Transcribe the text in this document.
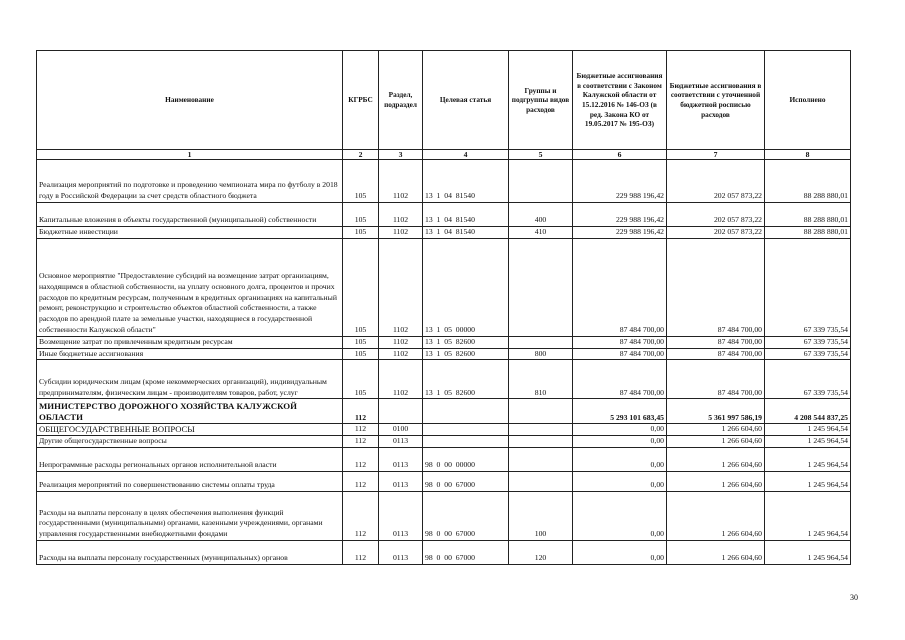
Наименование	КГРБС	Раздел, подраздел	Целевая статья	Группы и подгруппы видов расходов	Бюджетные ассигнования в соответствии с Законом Калужской области от 15.12.2016 № 146-ОЗ (в ред. Закона КО от 19.05.2017 № 195-ОЗ)	Бюджетные ассигнования в соответствии с уточненной бюджетной росписью расходов	Исполнено
1	2	3	4	5	6	7	8
Реализация мероприятий по подготовке и проведению чемпионата мира по футболу в 2018 году в Российской Федерации за счет средств областного бюджета	105	1102	13  1  04  81540		229 988 196,42	202 057 873,22	88 288 880,01
Капитальные вложения в объекты государственной (муниципальной) собственности	105	1102	13  1  04  81540	400	229 988 196,42	202 057 873,22	88 288 880,01
Бюджетные инвестиции	105	1102	13  1  04  81540	410	229 988 196,42	202 057 873,22	88 288 880,01
Основное мероприятие "Предоставление субсидий на возмещение затрат организациям, находящимся в областной собственности, на уплату основного долга, процентов и прочих расходов по кредитным ресурсам, полученным в кредитных организациях на капитальный ремонт, реконструкцию и строительство объектов областной собственности, а также расходов по арендной плате за земельные участки, находящиеся в государственной собственности Калужской области"	105	1102	13  1  05  00000		87 484 700,00	87 484 700,00	67 339 735,54
Возмещение затрат по привлеченным кредитным ресурсам	105	1102	13  1  05  82600		87 484 700,00	87 484 700,00	67 339 735,54
Иные бюджетные ассигнования	105	1102	13  1  05  82600	800	87 484 700,00	87 484 700,00	67 339 735,54
Субсидии юридическим лицам (кроме некоммерческих организаций), индивидуальным предпринимателям, физическим лицам - производителям товаров, работ, услуг	105	1102	13  1  05  82600	810	87 484 700,00	87 484 700,00	67 339 735,54
МИНИСТЕРСТВО ДОРОЖНОГО ХОЗЯЙСТВА КАЛУЖСКОЙ ОБЛАСТИ	112				5 293 101 683,45	5 361 997 586,19	4 208 544 837,25
ОБЩЕГОСУДАРСТВЕННЫЕ ВОПРОСЫ	112	0100			0,00	1 266 604,60	1 245 964,54
Другие общегосударственные вопросы	112	0113			0,00	1 266 604,60	1 245 964,54
Непрограммные расходы региональных органов исполнительной власти	112	0113	98  0  00  00000		0,00	1 266 604,60	1 245 964,54
Реализация мероприятий по совершенствованию системы оплаты труда	112	0113	98  0  00  67000		0,00	1 266 604,60	1 245 964,54
Расходы на выплаты персоналу в целях обеспечения выполнения функций государственными (муниципальными) органами, казенными учреждениями, органами управления государственными внебюджетными фондами	112	0113	98  0  00  67000	100	0,00	1 266 604,60	1 245 964,54
Расходы на выплаты персоналу государственных (муниципальных) органов	112	0113	98  0  00  67000	120	0,00	1 266 604,60	1 245 964,54
30
